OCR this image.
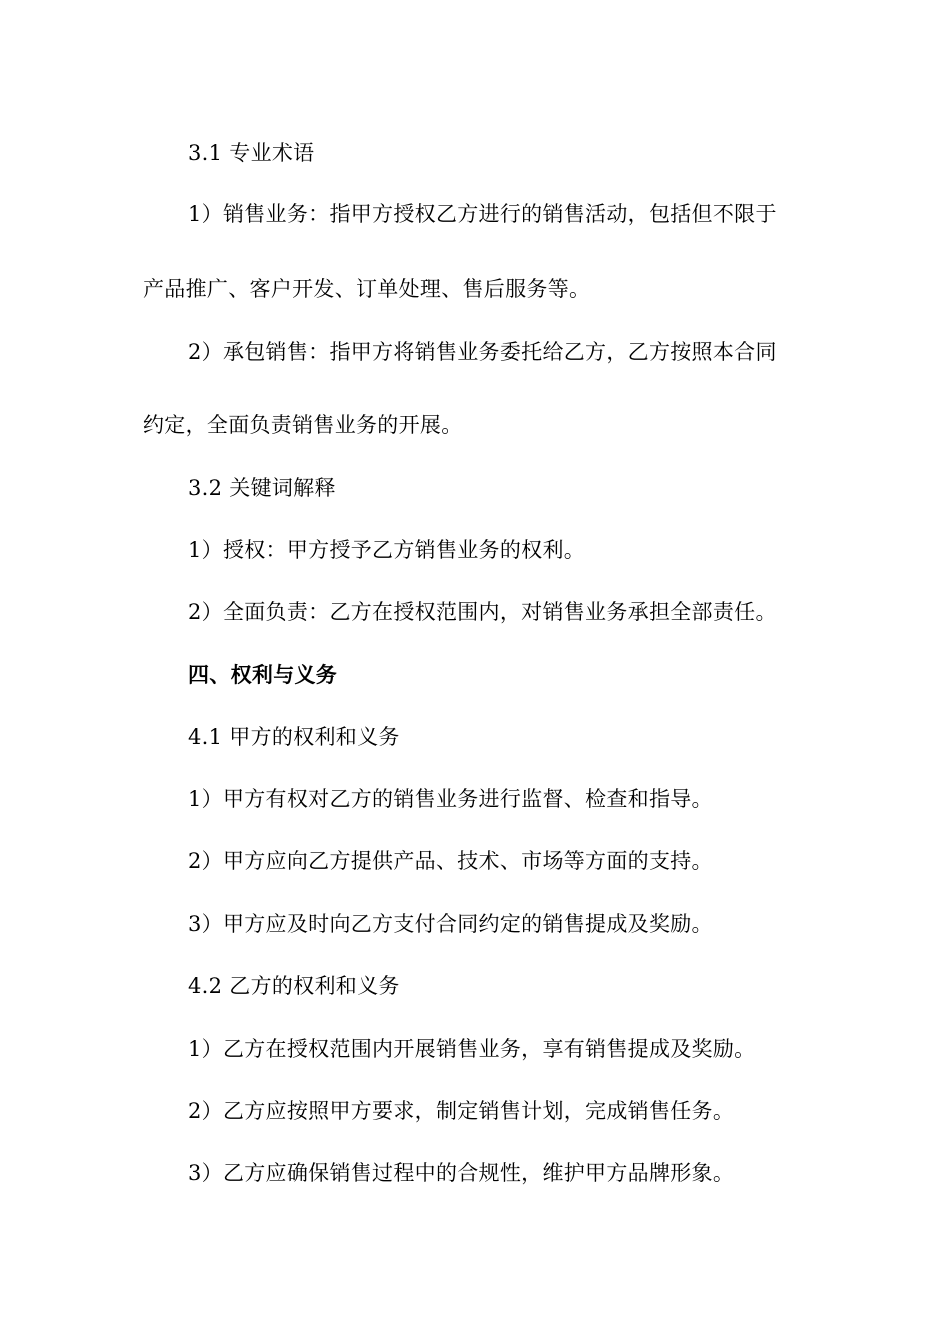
3.1 专业术语
1）销售业务：指甲方授权乙方进行的销售活动，包括但不限于
产品推广、客户开发、订单处理、售后服务等。
2）承包销售：指甲方将销售业务委托给乙方，乙方按照本合同
约定，全面负责销售业务的开展。
3.2 关键词解释
1）授权：甲方授予乙方销售业务的权利。
2）全面负责：乙方在授权范围内，对销售业务承担全部责任。
四、权利与义务
4.1 甲方的权利和义务
1）甲方有权对乙方的销售业务进行监督、检查和指导。
2）甲方应向乙方提供产品、技术、市场等方面的支持。
3）甲方应及时向乙方支付合同约定的销售提成及奖励。
4.2 乙方的权利和义务
1）乙方在授权范围内开展销售业务，享有销售提成及奖励。
2）乙方应按照甲方要求，制定销售计划，完成销售任务。
3）乙方应确保销售过程中的合规性，维护甲方品牌形象。
